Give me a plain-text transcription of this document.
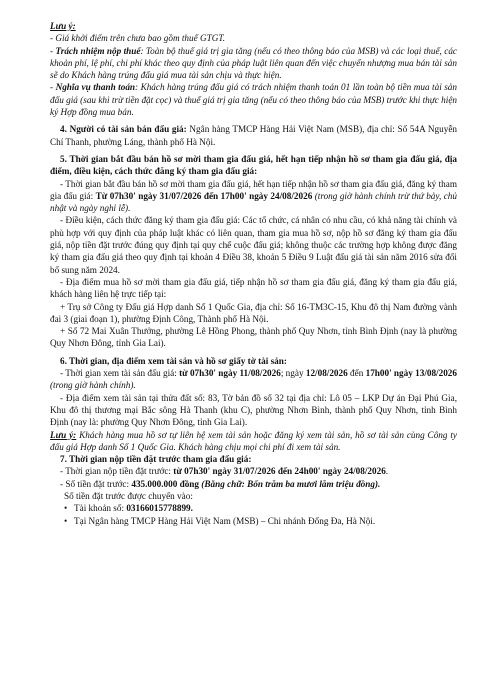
Lưu ý:

- Giá khởi điểm trên chưa bao gồm thuế GTGT.

- Trách nhiệm nộp thuế: Toàn bộ thuế giá trị gia tăng (nếu có theo thông báo của MSB) và các loại thuế, các khoản phí, lệ phí, chi phí khác theo quy định của pháp luật liên quan đến việc chuyển nhượng mua bán tài sản sẽ do Khách hàng trúng đấu giá mua tài sản chịu và thực hiện.

- Nghĩa vụ thanh toán: Khách hàng trúng đấu giá có trách nhiệm thanh toán 01 lần toàn bộ tiền mua tài sản đấu giá (sau khi trừ tiền đặt cọc) và thuế giá trị gia tăng (nếu có theo thông báo của MSB) trước khi thực hiện ký Hợp đồng mua bán.

4. Người có tài sản bán đấu giá: Ngân hàng TMCP Hàng Hải Việt Nam (MSB), địa chỉ: Số 54A Nguyễn Chí Thanh, phường Láng, thành phố Hà Nội.

5. Thời gian bắt đầu bán hồ sơ mời tham gia đấu giá, hết hạn tiếp nhận hồ sơ tham gia đấu giá, địa điểm, điều kiện, cách thức đăng ký tham gia đấu giá:

- Thời gian bắt đầu bán hồ sơ mời tham gia đấu giá, hết hạn tiếp nhận hồ sơ tham gia đấu giá, đăng ký tham gia đấu giá: Từ 07h30' ngày 31/07/2026 đến 17h00' ngày 24/08/2026 (trong giờ hành chính trừ thứ bảy, chủ nhật và ngày nghỉ lễ).

- Điều kiện, cách thức đăng ký tham gia đấu giá: Các tổ chức, cá nhân có nhu cầu, có khả năng tài chính và phù hợp với quy định của pháp luật khác có liên quan, tham gia mua hồ sơ, nộp hồ sơ đăng ký tham gia đấu giá, nộp tiền đặt trước đúng quy định tại quy chế cuộc đấu giá; không thuộc các trường hợp không được đăng ký tham gia đấu giá theo quy định tại khoản 4 Điều 38, khoản 5 Điều 9 Luật đấu giá tài sản năm 2016 sửa đổi bổ sung năm 2024.

- Địa điểm mua hồ sơ mời tham gia đấu giá, tiếp nhận hồ sơ tham gia đấu giá, đăng ký tham gia đấu giá, khách hàng liên hệ trực tiếp tại:

+ Trụ sở Công ty Đấu giá Hợp danh Số 1 Quốc Gia, địa chỉ: Số 16-TM3C-15, Khu đô thị Nam đường vành đai 3 (giai đoạn 1), phường Định Công, Thành phố Hà Nội.

+ Số 72 Mai Xuân Thưởng, phường Lê Hồng Phong, thành phố Quy Nhơn, tỉnh Bình Định (nay là phường Quy Nhơn Đông, tỉnh Gia Lai).

6. Thời gian, địa điểm xem tài sản và hồ sơ giấy tờ tài sản:

- Thời gian xem tài sản đấu giá: từ 07h30' ngày 11/08/2026; ngày 12/08/2026 đến 17h00' ngày 13/08/2026 (trong giờ hành chính).

- Địa điểm xem tài sản tại thửa đất số: 83, Tờ bản đồ số 32 tại địa chỉ: Lô 05 – LKP Dự án Đại Phú Gia, Khu đô thị thương mại Bắc sông Hà Thanh (khu C), phường Nhơn Bình, thành phố Quy Nhơn, tỉnh Bình Định (nay là: phường Quy Nhơn Đông, tỉnh Gia Lai).

Lưu ý: Khách hàng mua hồ sơ tự liên hệ xem tài sản hoặc đăng ký xem tài sản, hồ sơ tài sản cùng Công ty đấu giá Hợp danh Số 1 Quốc Gia. Khách hàng chịu mọi chi phí đi xem tài sản.

7. Thời gian nộp tiền đặt trước tham gia đấu giá:

- Thời gian nộp tiền đặt trước: từ 07h30' ngày 31/07/2026 đến 24h00' ngày 24/08/2026.

- Số tiền đặt trước: 435.000.000 đồng (Bằng chữ: Bốn trăm ba mươi lăm triệu đồng).

Số tiền đặt trước được chuyển vào:

• Tài khoản số: 03166015778899.
• Tại Ngân hàng TMCP Hàng Hải Việt Nam (MSB) – Chi nhánh Đống Đa, Hà Nội.
